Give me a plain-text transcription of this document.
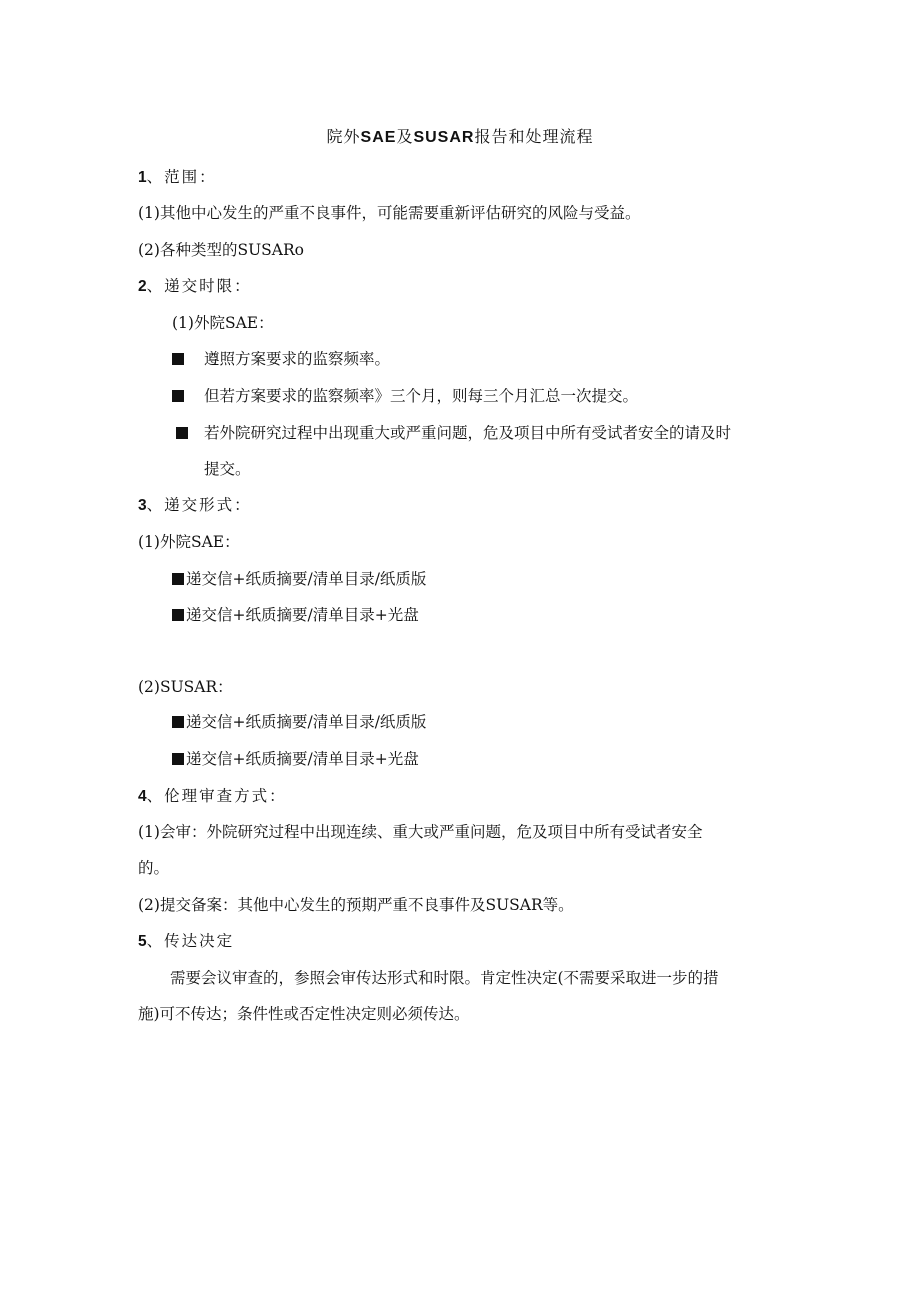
院外SAE及SUSAR报告和处理流程
1、范围：
(1)其他中心发生的严重不良事件，可能需要重新评估研究的风险与受益。
(2)各种类型的SUSARo
2、递交时限：
(1)外院SAE：
遵照方案要求的监察频率。
但若方案要求的监察频率》三个月，则每三个月汇总一次提交。
若外院研究过程中出现重大或严重问题，危及项目中所有受试者安全的请及时
提交。
3、递交形式：
(1)外院SAE：
递交信+纸质摘要/清单目录/纸质版
递交信+纸质摘要/清单目录+光盘
(2)SUSAR：
递交信+纸质摘要/清单目录/纸质版
递交信+纸质摘要/清单目录+光盘
4、伦理审查方式：
(1)会审：外院研究过程中出现连续、重大或严重问题，危及项目中所有受试者安全
的。
(2)提交备案：其他中心发生的预期严重不良事件及SUSAR等。
5、传达决定
需要会议审查的，参照会审传达形式和时限。肯定性决定(不需要采取进一步的措
施)可不传达；条件性或否定性决定则必须传达。
